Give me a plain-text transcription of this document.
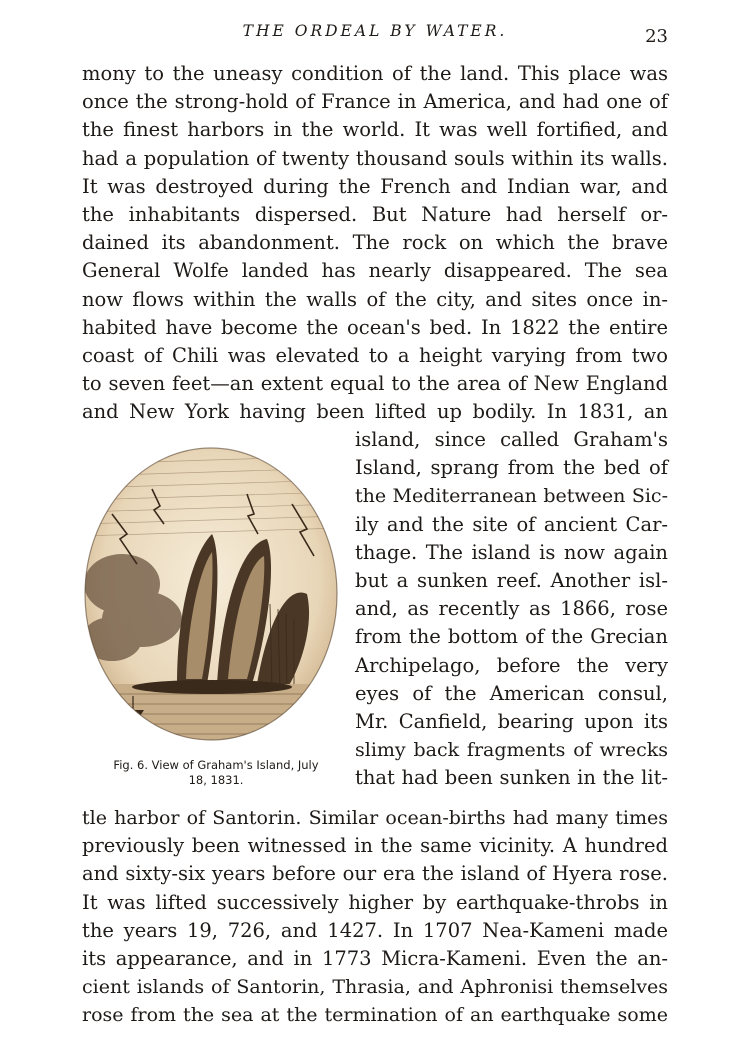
THE ORDEAL BY WATER.	23
mony to the uneasy condition of the land. This place was
once the strong-hold of France in America, and had one of
the finest harbors in the world. It was well fortified, and
had a population of twenty thousand souls within its walls.
It was destroyed during the French and Indian war, and
the inhabitants dispersed. But Nature had herself or-
dained its abandonment. The rock on which the brave
General Wolfe landed has nearly disappeared. The sea
now flows within the walls of the city, and sites once in-
habited have become the ocean's bed. In 1822 the entire
coast of Chili was elevated to a height varying from two
to seven feet—an extent equal to the area of New England
and New York having been lifted up bodily. In 1831, an
Fig. 6. View of Graham's Island, July
18, 1831.
island, since called Graham's
Island, sprang from the bed of
the Mediterranean between Sic-
ily and the site of ancient Car-
thage. The island is now again
but a sunken reef. Another isl-
and, as recently as 1866, rose
from the bottom of the Grecian
Archipelago, before the very
eyes of the American consul,
Mr. Canfield, bearing upon its
slimy back fragments of wrecks
that had been sunken in the lit-
tle harbor of Santorin. Similar ocean-births had many times
previously been witnessed in the same vicinity. A hundred
and sixty-six years before our era the island of Hyera rose.
It was lifted successively higher by earthquake-throbs in
the years 19, 726, and 1427. In 1707 Nea-Kameni made
its appearance, and in 1773 Micra-Kameni. Even the an-
cient islands of Santorin, Thrasia, and Aphronisi themselves
rose from the sea at the termination of an earthquake some
